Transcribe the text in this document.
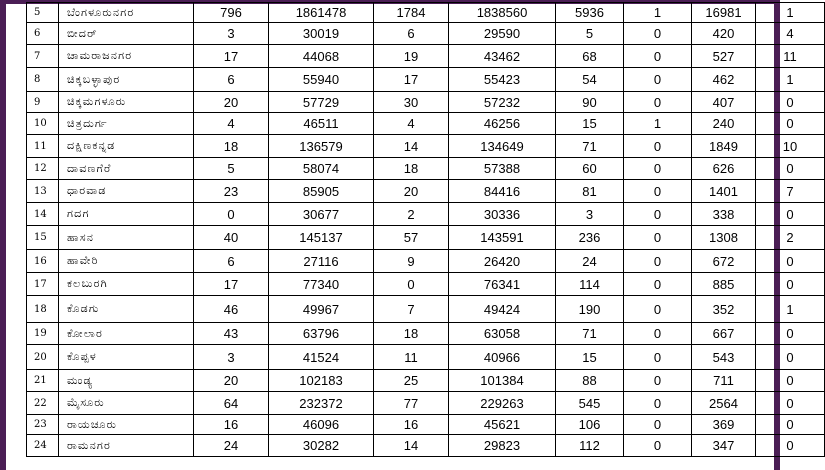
5	ಬೆಂಗಳೂರುನಗರ	796	1861478	1784	1838560	5936	1	16981	1
6	ಬೀದರ್	3	30019	6	29590	5	0	420	4
7	ಚಾಮರಾಜನಗರ	17	44068	19	43462	68	0	527	11
8	ಚಿಕ್ಕಬಳ್ಳಾಪುರ	6	55940	17	55423	54	0	462	1
9	ಚಿಕ್ಕಮಗಳೂರು	20	57729	30	57232	90	0	407	0
10	ಚಿತ್ರದುರ್ಗ	4	46511	4	46256	15	1	240	0
11	ದಕ್ಷಿಣಕನ್ನಡ	18	136579	14	134649	71	0	1849	10
12	ದಾವಣಗೆರೆ	5	58074	18	57388	60	0	626	0
13	ಧಾರವಾಡ	23	85905	20	84416	81	0	1401	7
14	ಗದಗ	0	30677	2	30336	3	0	338	0
15	ಹಾಸನ	40	145137	57	143591	236	0	1308	2
16	ಹಾವೇರಿ	6	27116	9	26420	24	0	672	0
17	ಕಲಬುರಗಿ	17	77340	0	76341	114	0	885	0
18	ಕೊಡಗು	46	49967	7	49424	190	0	352	1
19	ಕೋಲಾರ	43	63796	18	63058	71	0	667	0
20	ಕೊಪ್ಪಳ	3	41524	11	40966	15	0	543	0
21	ಮಂಡ್ಯ	20	102183	25	101384	88	0	711	0
22	ಮೈಸೂರು	64	232372	77	229263	545	0	2564	0
23	ರಾಯಚೂರು	16	46096	16	45621	106	0	369	0
24	ರಾಮನಗರ	24	30282	14	29823	112	0	347	0
